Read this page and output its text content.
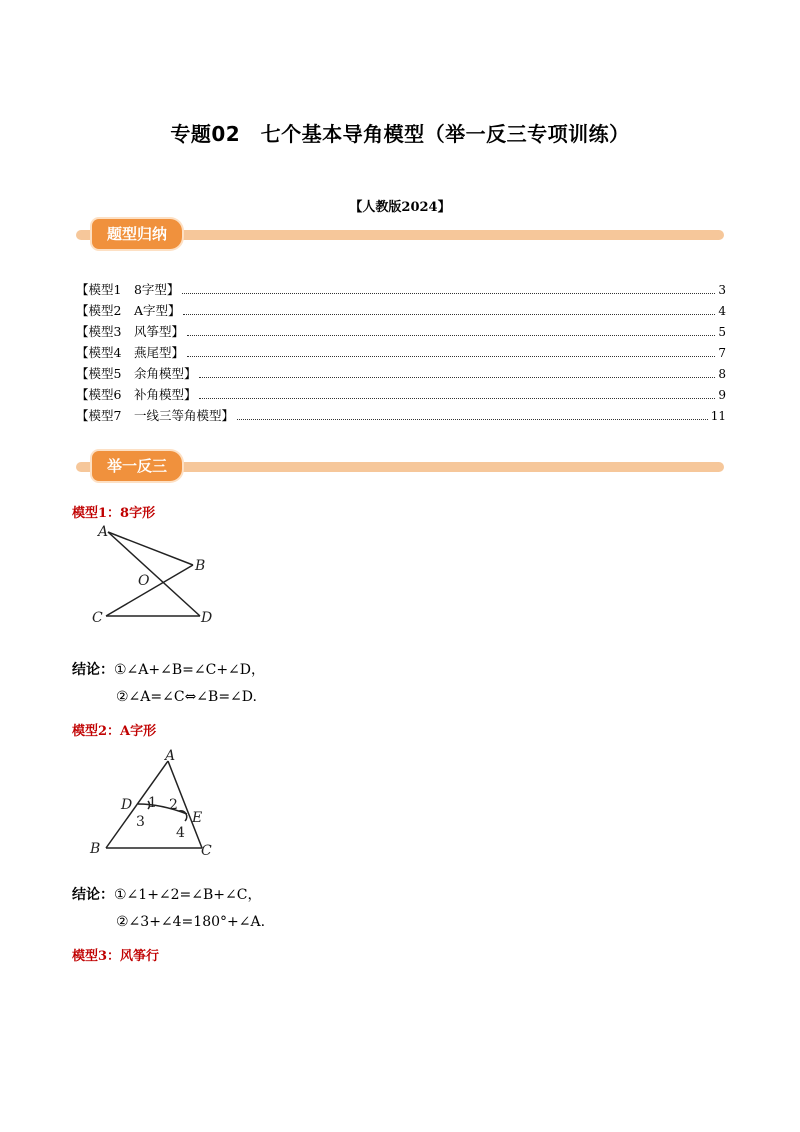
专题02　七个基本导角模型（举一反三专项训练）
【人教版2024】
题型归纳
【模型1　8字型】	3
【模型2　A字型】	4
【模型3　风筝型】	5
【模型4　燕尾型】	7
【模型5　余角模型】	8
【模型6　补角模型】	9
【模型7　一线三等角模型】	11
举一反三
模型1：8字形
A
B
O
C	D
结论：①∠A+∠B=∠C+∠D，
②∠A=∠C⇔∠B=∠D.
模型2：A字形
A
D
E
B	C
1 2
3
4
结论：①∠1+∠2=∠B+∠C，
②∠3+∠4=180°+∠A.
模型3：风筝行
